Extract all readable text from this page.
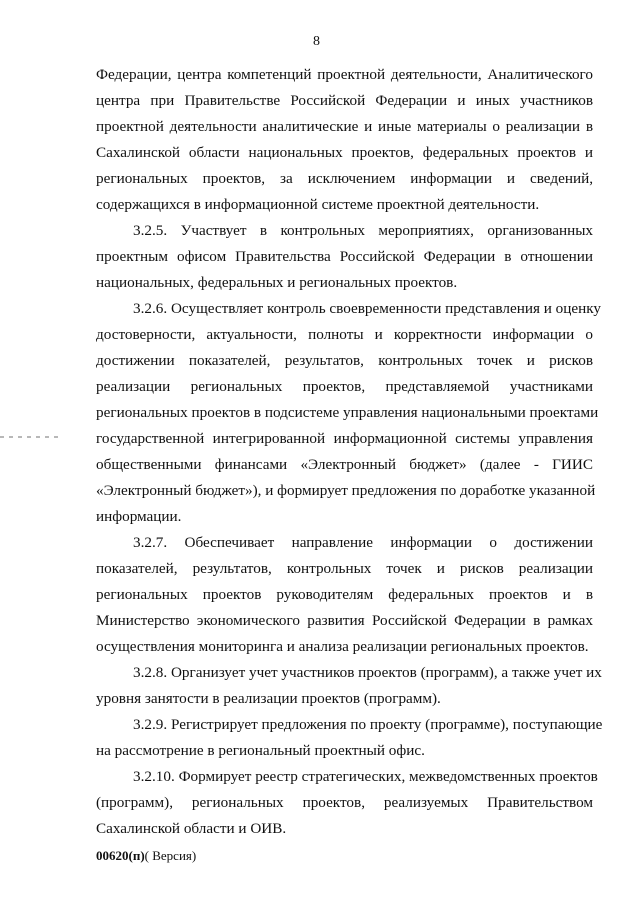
8
Федерации, центра компетенций проектной деятельности, Аналитического
центра при Правительстве Российской Федерации и иных участников
проектной деятельности аналитические и иные материалы о реализации в
Сахалинской области национальных проектов, федеральных проектов и
региональных проектов, за исключением информации и сведений,
содержащихся в информационной системе проектной деятельности.
3.2.5. Участвует в контрольных мероприятиях, организованных
проектным офисом Правительства Российской Федерации в отношении
национальных, федеральных и региональных проектов.
3.2.6. Осуществляет контроль своевременности представления и оценку
достоверности, актуальности, полноты и корректности информации о
достижении показателей, результатов, контрольных точек и рисков
реализации региональных проектов, представляемой участниками
региональных проектов в подсистеме управления национальными проектами
государственной интегрированной информационной системы управления
общественными финансами «Электронный бюджет» (далее - ГИИС
«Электронный бюджет»), и формирует предложения по доработке указанной
информации.
3.2.7. Обеспечивает направление информации о достижении
показателей, результатов, контрольных точек и рисков реализации
региональных проектов руководителям федеральных проектов и в
Министерство экономического развития Российской Федерации в рамках
осуществления мониторинга и анализа реализации региональных проектов.
3.2.8. Организует учет участников проектов (программ), а также учет их
уровня занятости в реализации проектов (программ).
3.2.9. Регистрирует предложения по проекту (программе), поступающие
на рассмотрение в региональный проектный офис.
3.2.10. Формирует реестр стратегических, межведомственных проектов
(программ), региональных проектов, реализуемых Правительством
Сахалинской области и ОИВ.
00620(п)( Версия)
